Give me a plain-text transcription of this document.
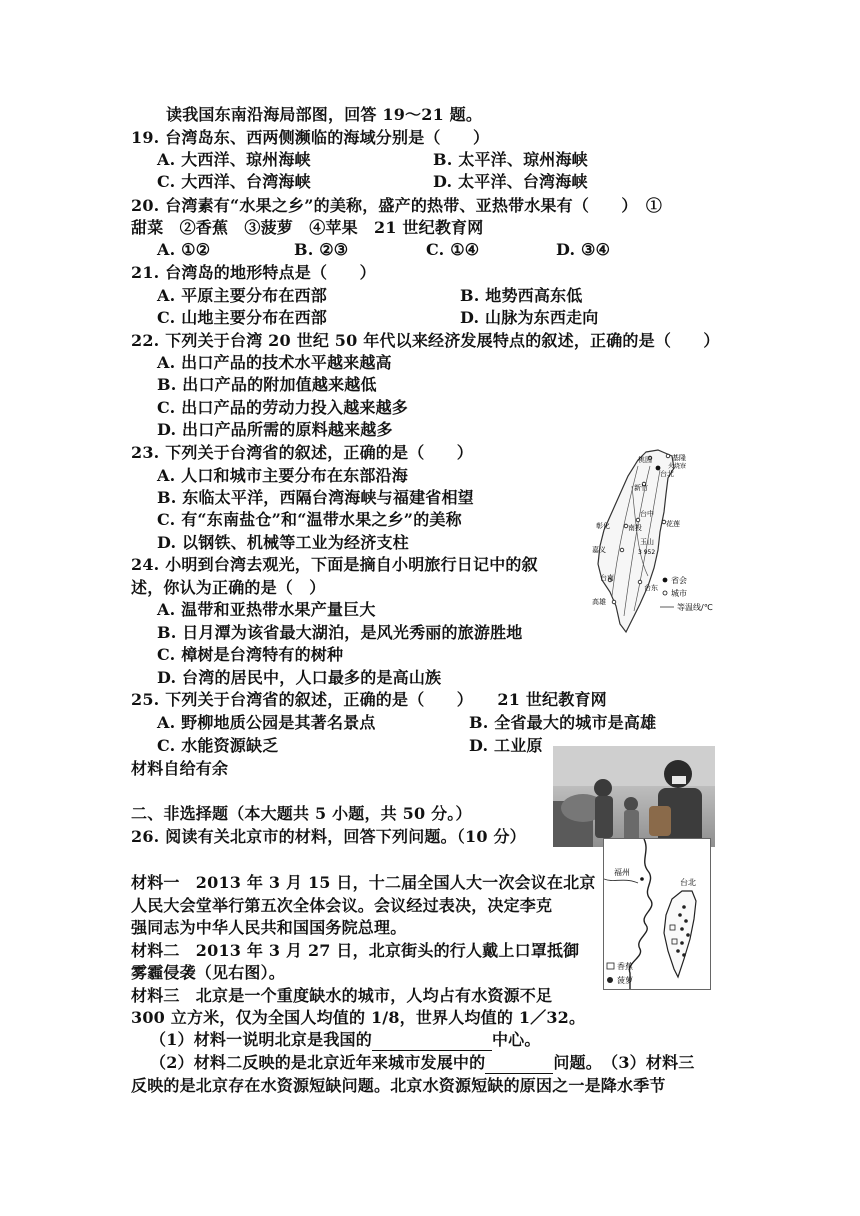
读我国东南沿海局部图，回答 19～21 题。
19. 台湾岛东、西两侧濒临的海域分别是（　　）
A. 大西洋、琼州海峡	B. 太平洋、琼州海峡
C. 大西洋、台湾海峡	D. 太平洋、台湾海峡
20. 台湾素有“水果之乡”的美称，盛产的热带、亚热带水果有（　　）　①
甜菜　②香蕉　③菠萝　④苹果　21 世纪教育网
A. ①②	B. ②③	C. ①④	D. ③④
21. 台湾岛的地形特点是（　　）
A. 平原主要分布在西部	B. 地势西高东低
C. 山地主要分布在西部	D. 山脉为东西走向
22. 下列关于台湾 20 世纪 50 年代以来经济发展特点的叙述，正确的是（　　）
A. 出口产品的技术水平越来越高
B. 出口产品的附加值越来越低
C. 出口产品的劳动力投入越来越多
D. 出口产品所需的原料越来越多
23. 下列关于台湾省的叙述，正确的是（　　）
A. 人口和城市主要分布在东部沿海
B. 东临太平洋，西隔台湾海峡与福建省相望
C. 有“东南盐仓”和“温带水果之乡”的美称
D. 以钢铁、机械等工业为经济支柱
24. 小明到台湾去观光，下面是摘自小明旅行日记中的叙
述，你认为正确的是（　）
A. 温带和亚热带水果产量巨大
B. 日月潭为该省最大湖泊，是风光秀丽的旅游胜地
C. 樟树是台湾特有的树种
D. 台湾的居民中，人口最多的是高山族
桃园	基隆
台北
火烧寮
新竹
台中
彰化	南投	花莲
玉山
3 952
嘉义
台南
台东
高雄
省会
城市
等温线/℃
25. 下列关于台湾省的叙述，正确的是（　　）　　21 世纪教育网
A. 野柳地质公园是其著名景点	B. 全省最大的城市是高雄
C. 水能资源缺乏	D. 工业原
材料自给有余
二、非选择题（本大题共 5 小题，共 50 分。）
26. 阅读有关北京市的材料，回答下列问题。（10 分）
福州
台北
香蕉
菠萝
材料一　2013 年 3 月 15 日，十二届全国人大一次会议在北京
人民大会堂举行第五次全体会议。会议经过表决，决定李克
强同志为中华人民共和国国务院总理。
材料二　2013 年 3 月 27 日，北京街头的行人戴上口罩抵御
雾霾侵袭（见右图）。
材料三　北京是一个重度缺水的城市，人均占有水资源不足
300 立方米，仅为全国人均值的 1/8，世界人均值的 1／32。
（1）材料一说明北京是我国的	中心。
（2）材料二反映的是北京近年来城市发展中的	问题。　（3）材料三
反映的是北京存在水资源短缺问题。北京水资源短缺的原因之一是降水季节
